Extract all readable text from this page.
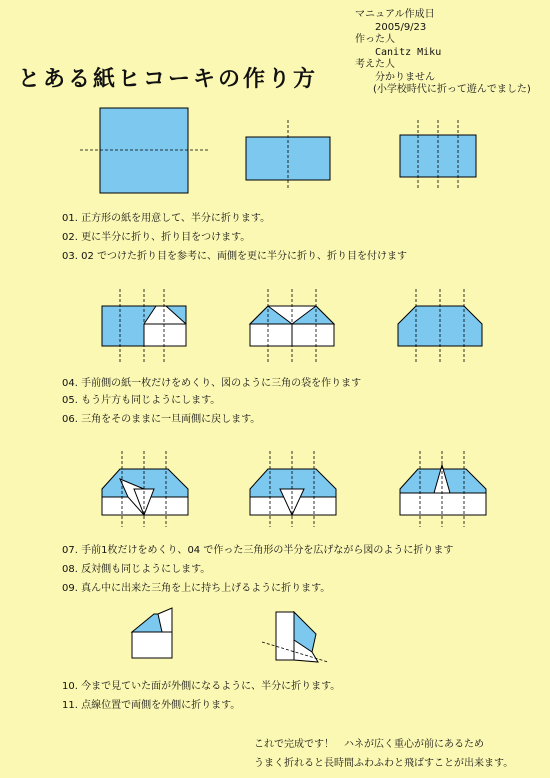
マニュアル作成日
2005/9/23
作った人
Canitz Miku
考えた人
分かりません
(小学校時代に折って遊んでました)
とある紙ヒコーキの作り方
01. 正方形の紙を用意して、半分に折ります。
02. 更に半分に折り、折り目をつけます。
03. 02 でつけた折り目を参考に、両側を更に半分に折り、折り目を付けます
04. 手前側の紙一枚だけをめくり、図のように三角の袋を作ります
05. もう片方も同じようにします。
06. 三角をそのままに一旦両側に戻します。
07. 手前1枚だけをめくり、04 で作った三角形の半分を広げながら図のように折ります
08. 反対側も同じようにします。
09. 真ん中に出来た三角を上に持ち上げるように折ります。
10. 今まで見ていた面が外側になるように、半分に折ります。
11. 点線位置で両側を外側に折ります。
これで完成です！　ハネが広く重心が前にあるため
うまく折れると長時間ふわふわと飛ばすことが出来ます。
